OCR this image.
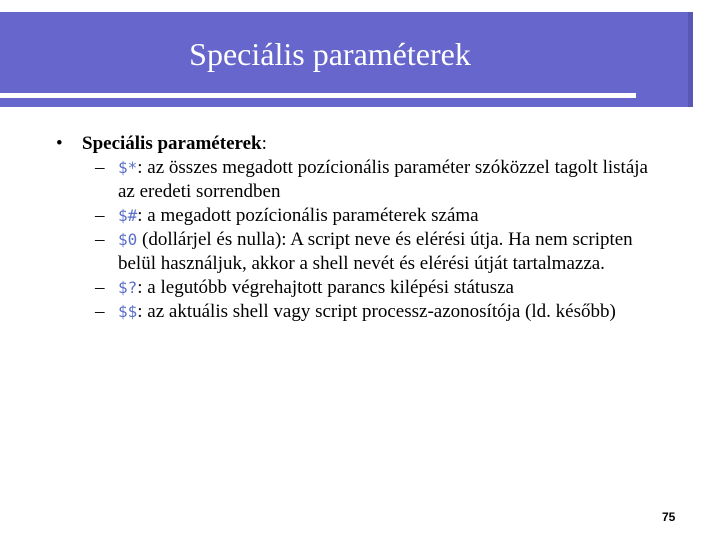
Speciális paraméterek
• Speciális paraméterek:
– $*: az összes megadott pozícionális paraméter szóközzel tagolt listája
az eredeti sorrendben
– $#: a megadott pozícionális paraméterek száma
– $0 (dollárjel és nulla): A script neve és elérési útja. Ha nem scripten
belül használjuk, akkor a shell nevét és elérési útját tartalmazza.
– $?: a legutóbb végrehajtott parancs kilépési státusza
– $$: az aktuális shell vagy script processz-azonosítója (ld. később)
75
